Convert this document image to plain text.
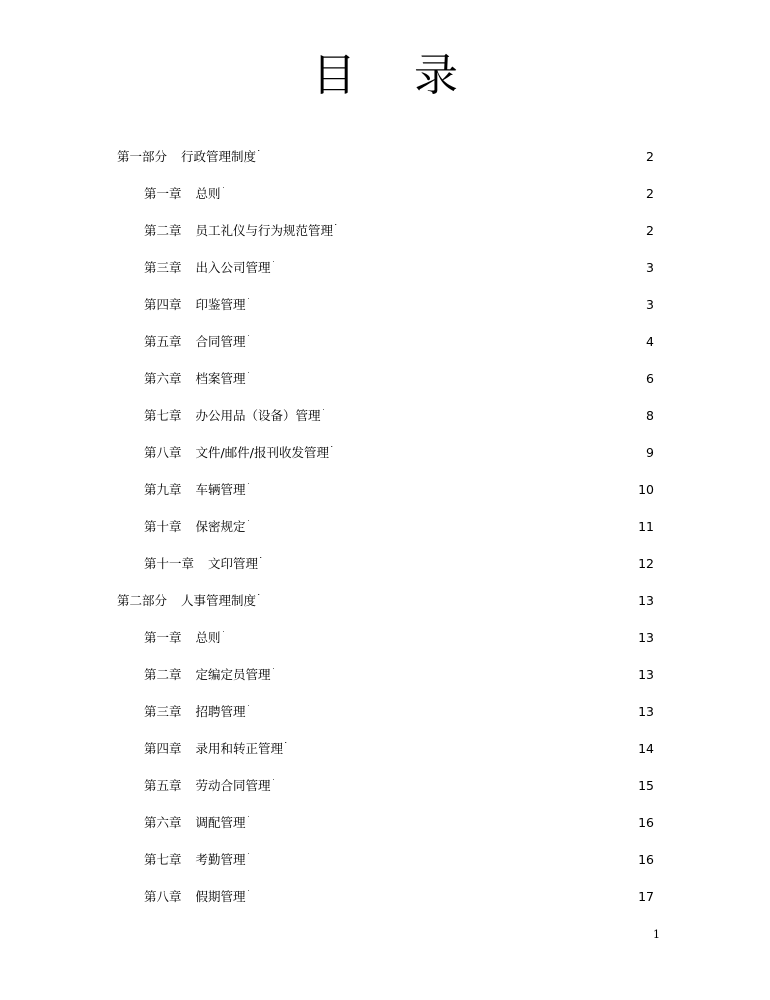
目 录
第一部分 行政管理制度 . . .	2
第一章 总则 . . .	2
第二章 员工礼仪与行为规范管理 . . .	2
第三章 出入公司管理 . . .	3
第四章 印鉴管理 . . .	3
第五章 合同管理 . . .	4
第六章 档案管理 . . .	6
第七章 办公用品（设备）管理 . . .	8
第八章 文件/邮件/报刊收发管理 . . .	9
第九章 车辆管理 . . .	10
第十章 保密规定 . . .	11
第十一章 文印管理 . . .	12
第二部分 人事管理制度 . . .	13
第一章 总则 . . .	13
第二章 定编定员管理 . . .	13
第三章 招聘管理 . . .	13
第四章 录用和转正管理 . . .	14
第五章 劳动合同管理 . . .	15
第六章 调配管理 . . .	16
第七章 考勤管理 . . .	16
第八章 假期管理 . . .	17
1
